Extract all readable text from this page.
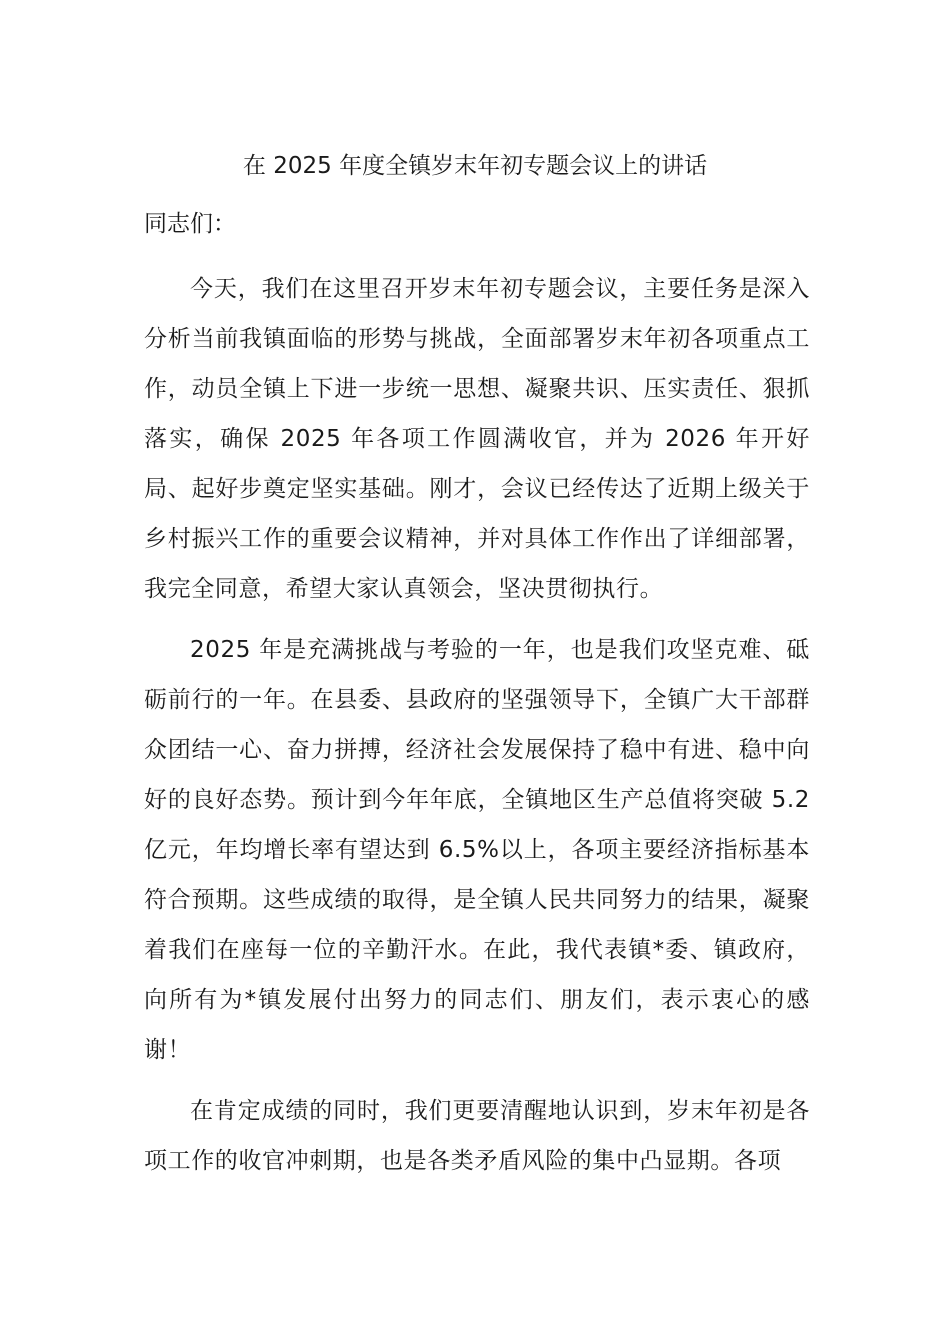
在 2025 年度全镇岁末年初专题会议上的讲话
同志们：

今天，我们在这里召开岁末年初专题会议，主要任务是深入分析当前我镇面临的形势与挑战，全面部署岁末年初各项重点工作，动员全镇上下进一步统一思想、凝聚共识、压实责任、狠抓落实，确保 2025 年各项工作圆满收官，并为 2026 年开好局、起好步奠定坚实基础。刚才，会议已经传达了近期上级关于乡村振兴工作的重要会议精神，并对具体工作作出了详细部署，我完全同意，希望大家认真领会，坚决贯彻执行。

2025 年是充满挑战与考验的一年，也是我们攻坚克难、砥砺前行的一年。在县委、县政府的坚强领导下，全镇广大干部群众团结一心、奋力拼搏，经济社会发展保持了稳中有进、稳中向好的良好态势。预计到今年年底，全镇地区生产总值将突破 5.2 亿元，年均增长率有望达到 6.5%以上，各项主要经济指标基本符合预期。这些成绩的取得，是全镇人民共同努力的结果，凝聚着我们在座每一位的辛勤汗水。在此，我代表镇*委、镇政府，向所有为*镇发展付出努力的同志们、朋友们，表示衷心的感谢！

在肯定成绩的同时，我们更要清醒地认识到，岁末年初是各项工作的收官冲刺期，也是各类矛盾风险的集中凸显期。各项
